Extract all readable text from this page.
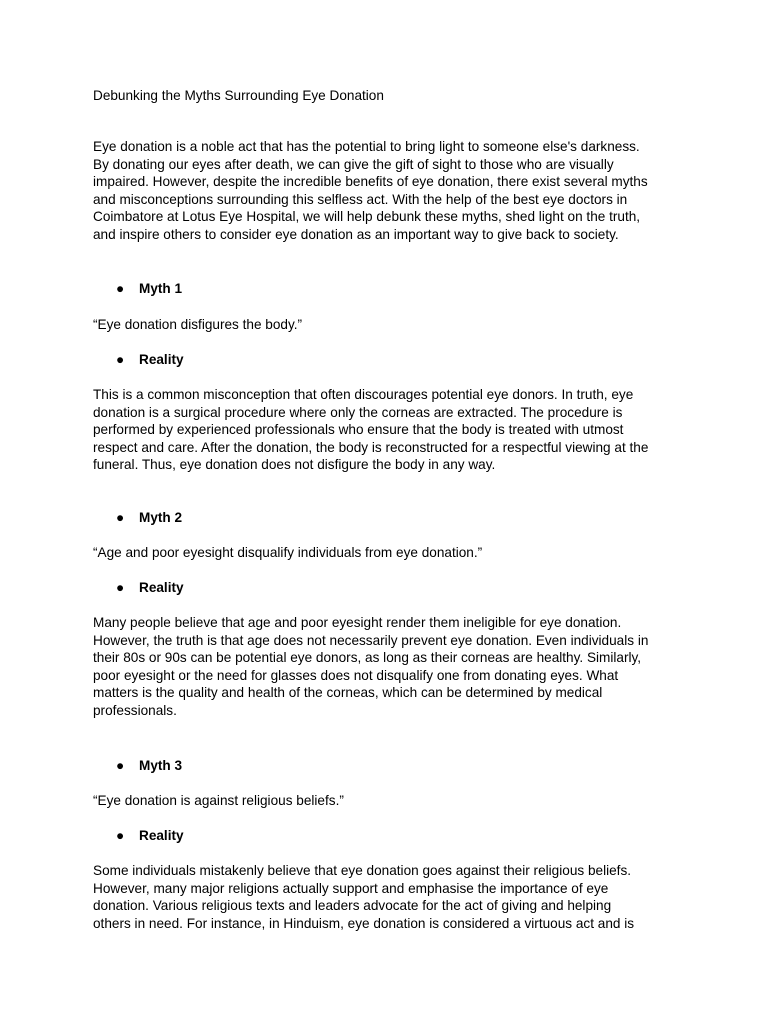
Debunking the Myths Surrounding Eye Donation

Eye donation is a noble act that has the potential to bring light to someone else's darkness.
By donating our eyes after death, we can give the gift of sight to those who are visually
impaired. However, despite the incredible benefits of eye donation, there exist several myths
and misconceptions surrounding this selfless act. With the help of the best eye doctors in
Coimbatore at Lotus Eye Hospital, we will help debunk these myths, shed light on the truth,
and inspire others to consider eye donation as an important way to give back to society.

● Myth 1
“Eye donation disfigures the body.”
● Reality

This is a common misconception that often discourages potential eye donors. In truth, eye
donation is a surgical procedure where only the corneas are extracted. The procedure is
performed by experienced professionals who ensure that the body is treated with utmost
respect and care. After the donation, the body is reconstructed for a respectful viewing at the
funeral. Thus, eye donation does not disfigure the body in any way.

● Myth 2
“Age and poor eyesight disqualify individuals from eye donation.”
● Reality

Many people believe that age and poor eyesight render them ineligible for eye donation.
However, the truth is that age does not necessarily prevent eye donation. Even individuals in
their 80s or 90s can be potential eye donors, as long as their corneas are healthy. Similarly,
poor eyesight or the need for glasses does not disqualify one from donating eyes. What
matters is the quality and health of the corneas, which can be determined by medical
professionals.

● Myth 3
“Eye donation is against religious beliefs.”
● Reality

Some individuals mistakenly believe that eye donation goes against their religious beliefs.
However, many major religions actually support and emphasise the importance of eye
donation. Various religious texts and leaders advocate for the act of giving and helping
others in need. For instance, in Hinduism, eye donation is considered a virtuous act and is
